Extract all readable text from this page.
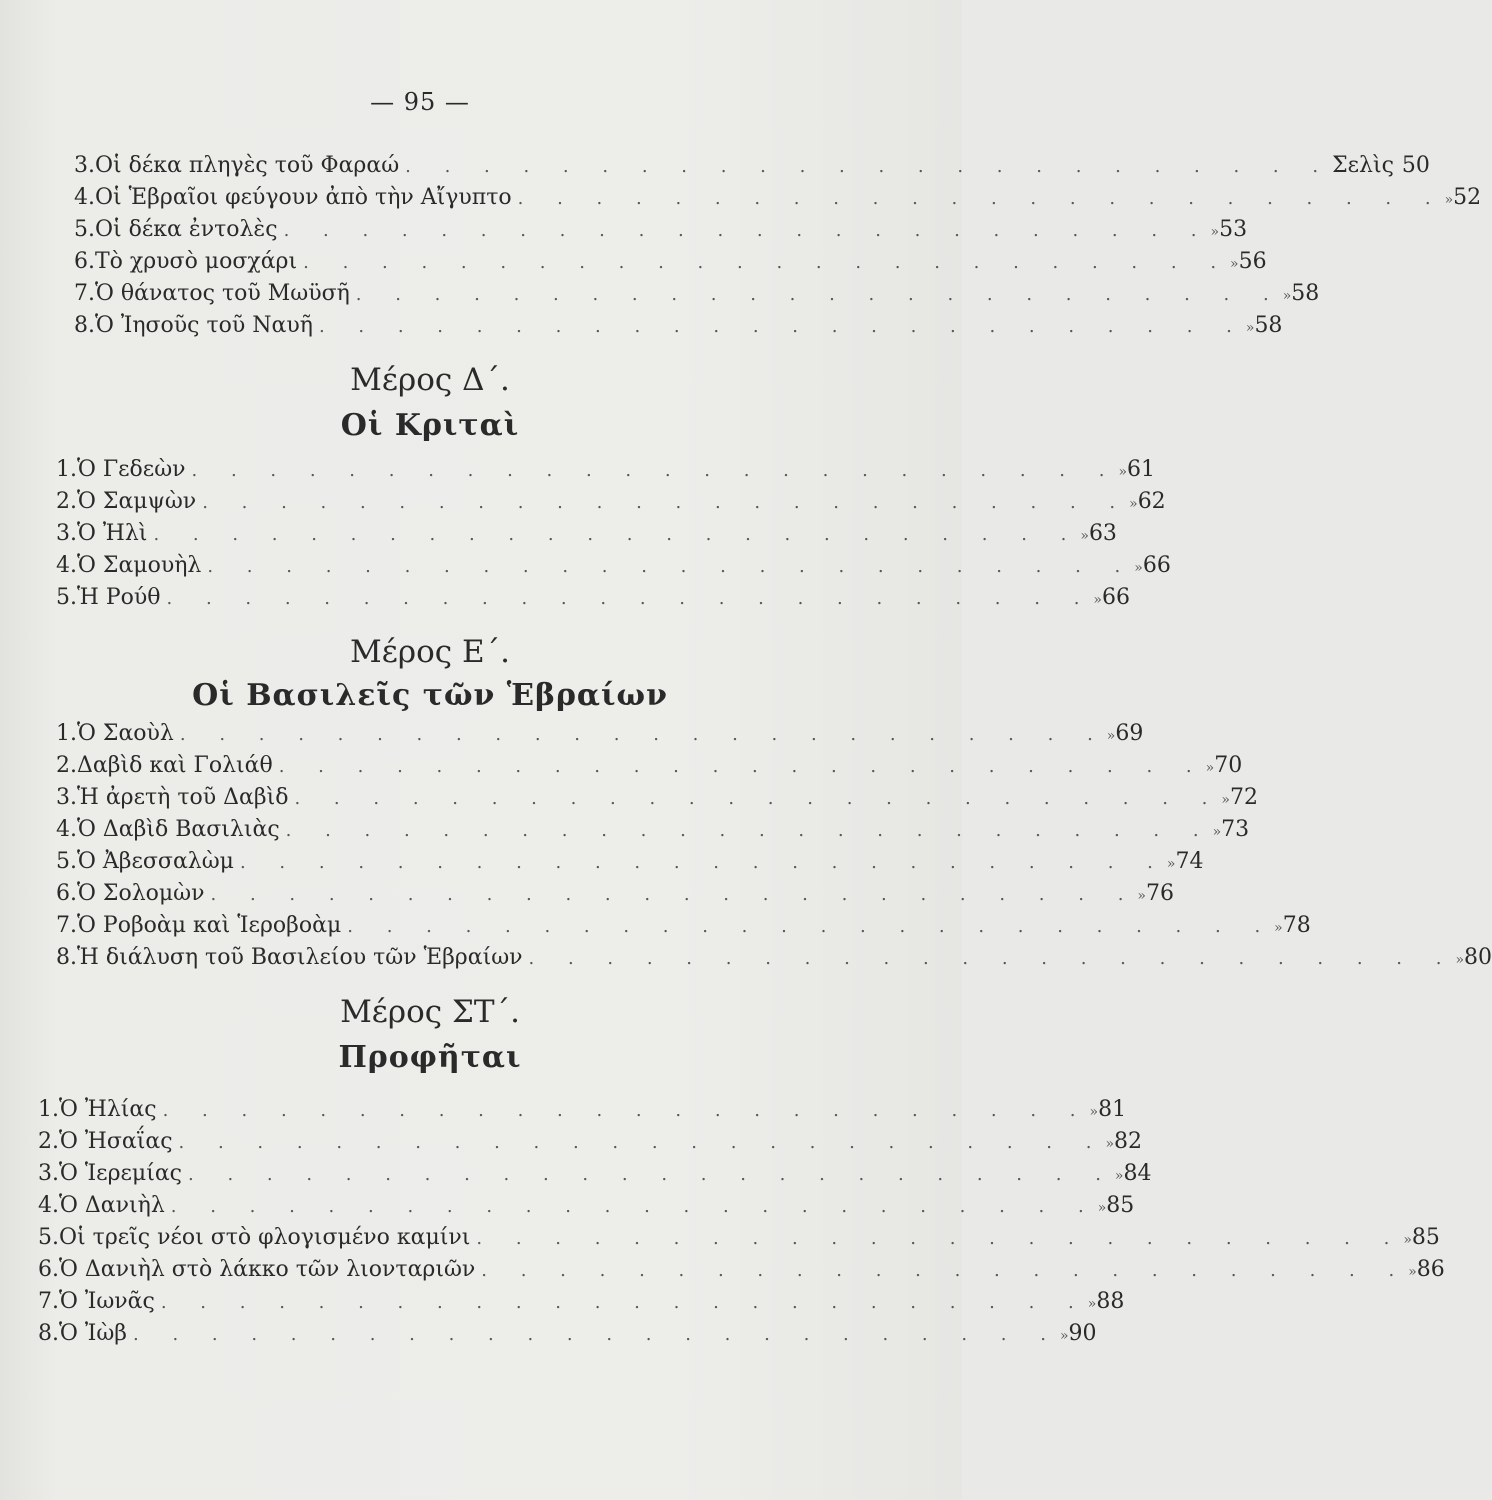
— 95 —
3. Οἱ δέκα πληγὲς τοῦ Φαραώ . . . . . . . . . . . . . . . . . . . . . . . . Σελὶς 50
4. Οἱ Ἑβραῖοι φεύγουν ἀπὸ τὴν Αἴγυπτο . . . . . . . . . . . . . . . . . . . . . . . . » 52
5. Οἱ δέκα ἐντολὲς . . . . . . . . . . . . . . . . . . . . . . . . » 53
6. Τὸ χρυσὸ μοσχάρι . . . . . . . . . . . . . . . . . . . . . . . . » 56
7. Ὁ θάνατος τοῦ Μωϋσῆ . . . . . . . . . . . . . . . . . . . . . . . . » 58
8. Ὁ Ἰησοῦς τοῦ Ναυῆ . . . . . . . . . . . . . . . . . . . . . . . . » 58
Μέρος Δ΄.
Οἱ Κριταὶ
1. Ὁ Γεδεὼν . . . . . . . . . . . . . . . . . . . . . . . . » 61
2. Ὁ Σαμψὼν . . . . . . . . . . . . . . . . . . . . . . . . » 62
3. Ὁ Ἠλὶ . . . . . . . . . . . . . . . . . . . . . . . . » 63
4. Ὁ Σαμουὴλ . . . . . . . . . . . . . . . . . . . . . . . . » 66
5. Ἡ Ρούθ . . . . . . . . . . . . . . . . . . . . . . . . » 66
Μέρος Ε΄.
Οἱ Βασιλεῖς τῶν Ἑβραίων
1. Ὁ Σαοὺλ . . . . . . . . . . . . . . . . . . . . . . . . » 69
2. Δαβὶδ καὶ Γολιάθ . . . . . . . . . . . . . . . . . . . . . . . . » 70
3. Ἡ ἀρετὴ τοῦ Δαβὶδ . . . . . . . . . . . . . . . . . . . . . . . . » 72
4. Ὁ Δαβὶδ Βασιλιὰς . . . . . . . . . . . . . . . . . . . . . . . . » 73
5. Ὁ Ἀβεσσαλὼμ . . . . . . . . . . . . . . . . . . . . . . . . » 74
6. Ὁ Σολομὼν . . . . . . . . . . . . . . . . . . . . . . . . » 76
7. Ὁ Ροβοὰμ καὶ Ἱεροβοὰμ . . . . . . . . . . . . . . . . . . . . . . . . » 78
8. Ἡ διάλυση τοῦ Βασιλείου τῶν Ἑβραίων . . . . . . . . . . . . . . . . . . . . . . . . » 80
Μέρος ΣΤ΄.
Προφῆται
1. Ὁ Ἠλίας . . . . . . . . . . . . . . . . . . . . . . . . » 81
2. Ὁ Ἠσαΐας . . . . . . . . . . . . . . . . . . . . . . . . » 82
3. Ὁ Ἱερεμίας . . . . . . . . . . . . . . . . . . . . . . . . » 84
4. Ὁ Δανιὴλ . . . . . . . . . . . . . . . . . . . . . . . . » 85
5. Οἱ τρεῖς νέοι στὸ φλογισμένο καμίνι . . . . . . . . . . . . . . . . . . . . . . . . » 85
6. Ὁ Δανιὴλ στὸ λάκκο τῶν λιονταριῶν . . . . . . . . . . . . . . . . . . . . . . . . » 86
7. Ὁ Ἰωνᾶς . . . . . . . . . . . . . . . . . . . . . . . . » 88
8. Ὁ Ἰὼβ . . . . . . . . . . . . . . . . . . . . . . . . » 90
